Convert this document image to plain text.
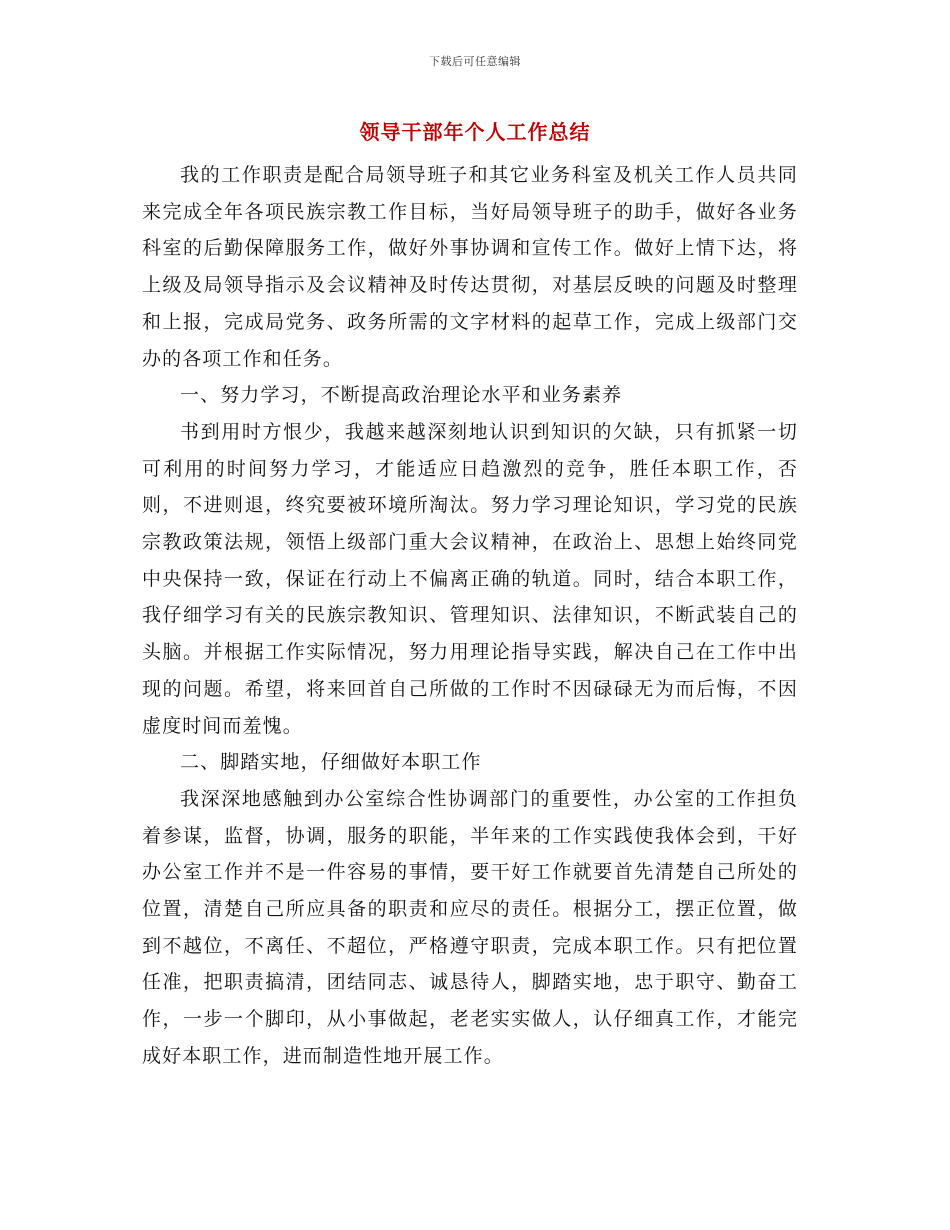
下载后可任意编辑
领导干部年个人工作总结

我的工作职责是配合局领导班子和其它业务科室及机关工作人员共同来完成全年各项民族宗教工作目标，当好局领导班子的助手，做好各业务科室的后勤保障服务工作，做好外事协调和宣传工作。做好上情下达，将上级及局领导指示及会议精神及时传达贯彻，对基层反映的问题及时整理和上报，完成局党务、政务所需的文字材料的起草工作，完成上级部门交办的各项工作和任务。

一、努力学习，不断提高政治理论水平和业务素养

书到用时方恨少，我越来越深刻地认识到知识的欠缺，只有抓紧一切可利用的时间努力学习，才能适应日趋激烈的竞争，胜任本职工作，否则，不进则退，终究要被环境所淘汰。努力学习理论知识，学习党的民族宗教政策法规，领悟上级部门重大会议精神，在政治上、思想上始终同党中央保持一致，保证在行动上不偏离正确的轨道。同时，结合本职工作，我仔细学习有关的民族宗教知识、管理知识、法律知识，不断武装自己的头脑。并根据工作实际情况，努力用理论指导实践，解决自己在工作中出现的问题。希望，将来回首自己所做的工作时不因碌碌无为而后悔，不因虚度时间而羞愧。

二、脚踏实地，仔细做好本职工作

我深深地感触到办公室综合性协调部门的重要性，办公室的工作担负着参谋，监督，协调，服务的职能，半年来的工作实践使我体会到，干好办公室工作并不是一件容易的事情，要干好工作就要首先清楚自己所处的位置，清楚自己所应具备的职责和应尽的责任。根据分工，摆正位置，做到不越位，不离任、不超位，严格遵守职责，完成本职工作。只有把位置任准，把职责搞清，团结同志、诚恳待人，脚踏实地，忠于职守、勤奋工作，一步一个脚印，从小事做起，老老实实做人，认仔细真工作，才能完成好本职工作，进而制造性地开展工作。
